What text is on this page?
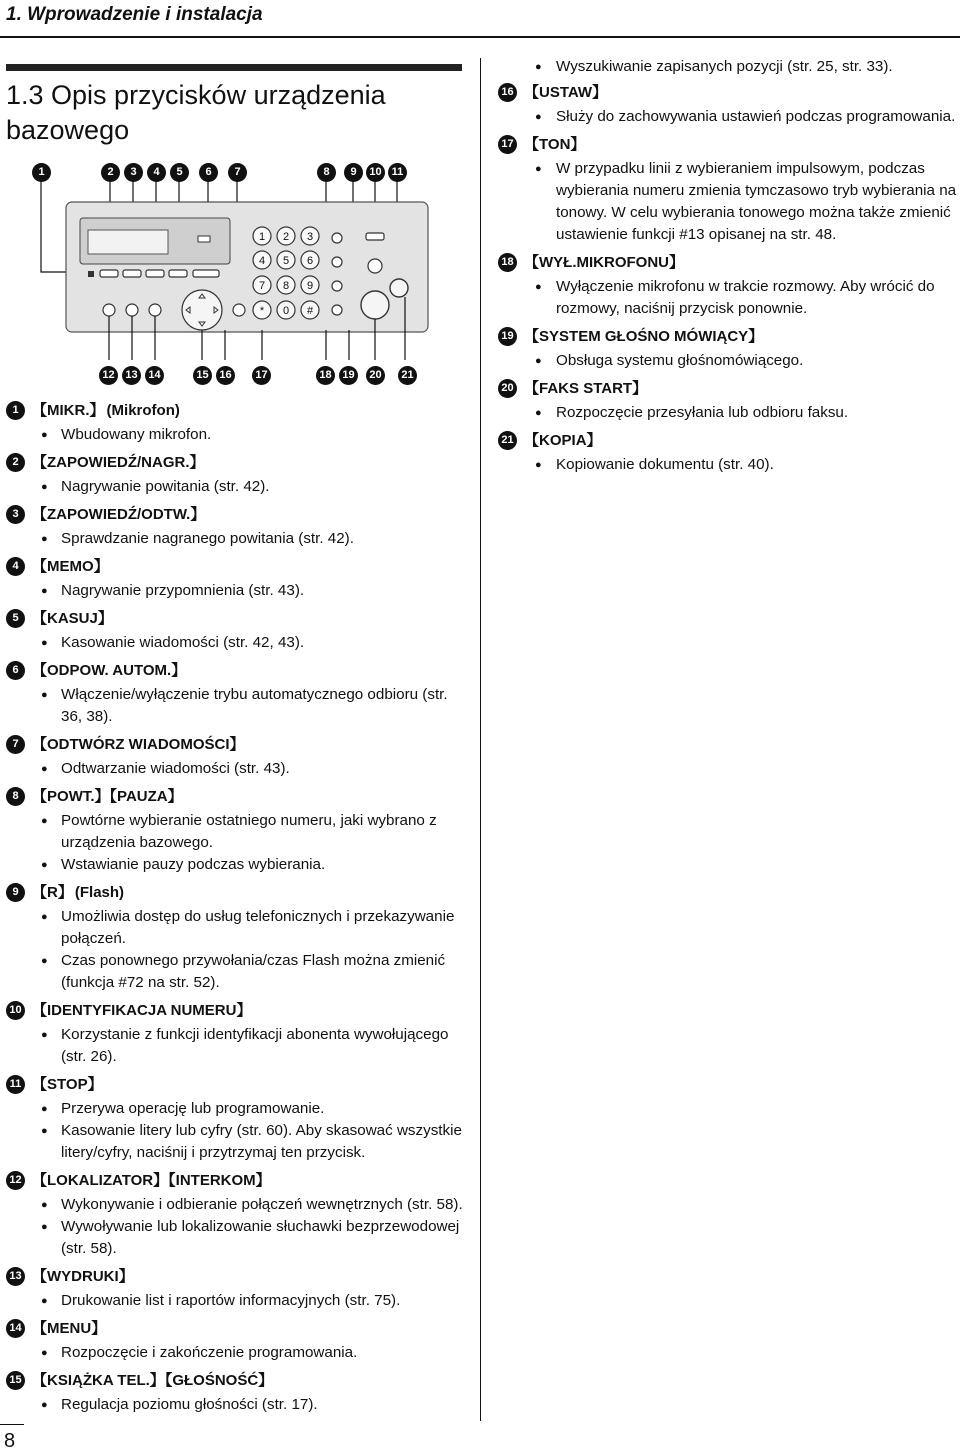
1. Wprowadzenie i instalacja
1.3 Opis przycisków urządzenia bazowego
1	2	3	4	5	6	7	8	9	10 11
1 2 3
4 5 6
7 8 9
* 0 #
12 13 14	15 16	17	18 19	20	21
1 【MIKR.】 (Mikrofon)
● Wbudowany mikrofon.
2 【ZAPOWIEDŹ/NAGR.】
● Nagrywanie powitania (str. 42).
3 【ZAPOWIEDŹ/ODTW.】
● Sprawdzanie nagranego powitania (str. 42).
4 【MEMO】
● Nagrywanie przypomnienia (str. 43).
5 【KASUJ】
● Kasowanie wiadomości (str. 42, 43).
6 【ODPOW. AUTOM.】
● Włączenie/wyłączenie trybu automatycznego odbioru (str. 36, 38).
7 【ODTWÓRZ WIADOMOŚCI】
● Odtwarzanie wiadomości (str. 43).
8 【POWT.】【PAUZA】
● Powtórne wybieranie ostatniego numeru, jaki wybrano z urządzenia bazowego.
● Wstawianie pauzy podczas wybierania.
9 【R】 (Flash)
● Umożliwia dostęp do usług telefonicznych i przekazywanie połączeń.
● Czas ponownego przywołania/czas Flash można zmienić (funkcja #72 na str. 52).
10 【IDENTYFIKACJA NUMERU】
● Korzystanie z funkcji identyfikacji abonenta wywołującego (str. 26).
11 【STOP】
● Przerywa operację lub programowanie.
● Kasowanie litery lub cyfry (str. 60). Aby skasować wszystkie litery/cyfry, naciśnij i przytrzymaj ten przycisk.
12 【LOKALIZATOR】【INTERKOM】
● Wykonywanie i odbieranie połączeń wewnętrznych (str. 58).
● Wywoływanie lub lokalizowanie słuchawki bezprzewodowej (str. 58).
13 【WYDRUKI】
● Drukowanie list i raportów informacyjnych (str. 75).
14 【MENU】
● Rozpoczęcie i zakończenie programowania.
15 【KSIĄŻKA TEL.】【GŁOŚNOŚĆ】
● Regulacja poziomu głośności (str. 17).
● Wyszukiwanie zapisanych pozycji (str. 25, str. 33).
16 【USTAW】
● Służy do zachowywania ustawień podczas programowania.
17 【TON】
● W przypadku linii z wybieraniem impulsowym, podczas wybierania numeru zmienia tymczasowo tryb wybierania na tonowy. W celu wybierania tonowego można także zmienić ustawienie funkcji #13 opisanej na str. 48.
18 【WYŁ.MIKROFONU】
● Wyłączenie mikrofonu w trakcie rozmowy. Aby wrócić do rozmowy, naciśnij przycisk ponownie.
19 【SYSTEM GŁOŚNO MÓWIĄCY】
● Obsługa systemu głośnomówiącego.
20 【FAKS START】
● Rozpoczęcie przesyłania lub odbioru faksu.
21 【KOPIA】
● Kopiowanie dokumentu (str. 40).
8
